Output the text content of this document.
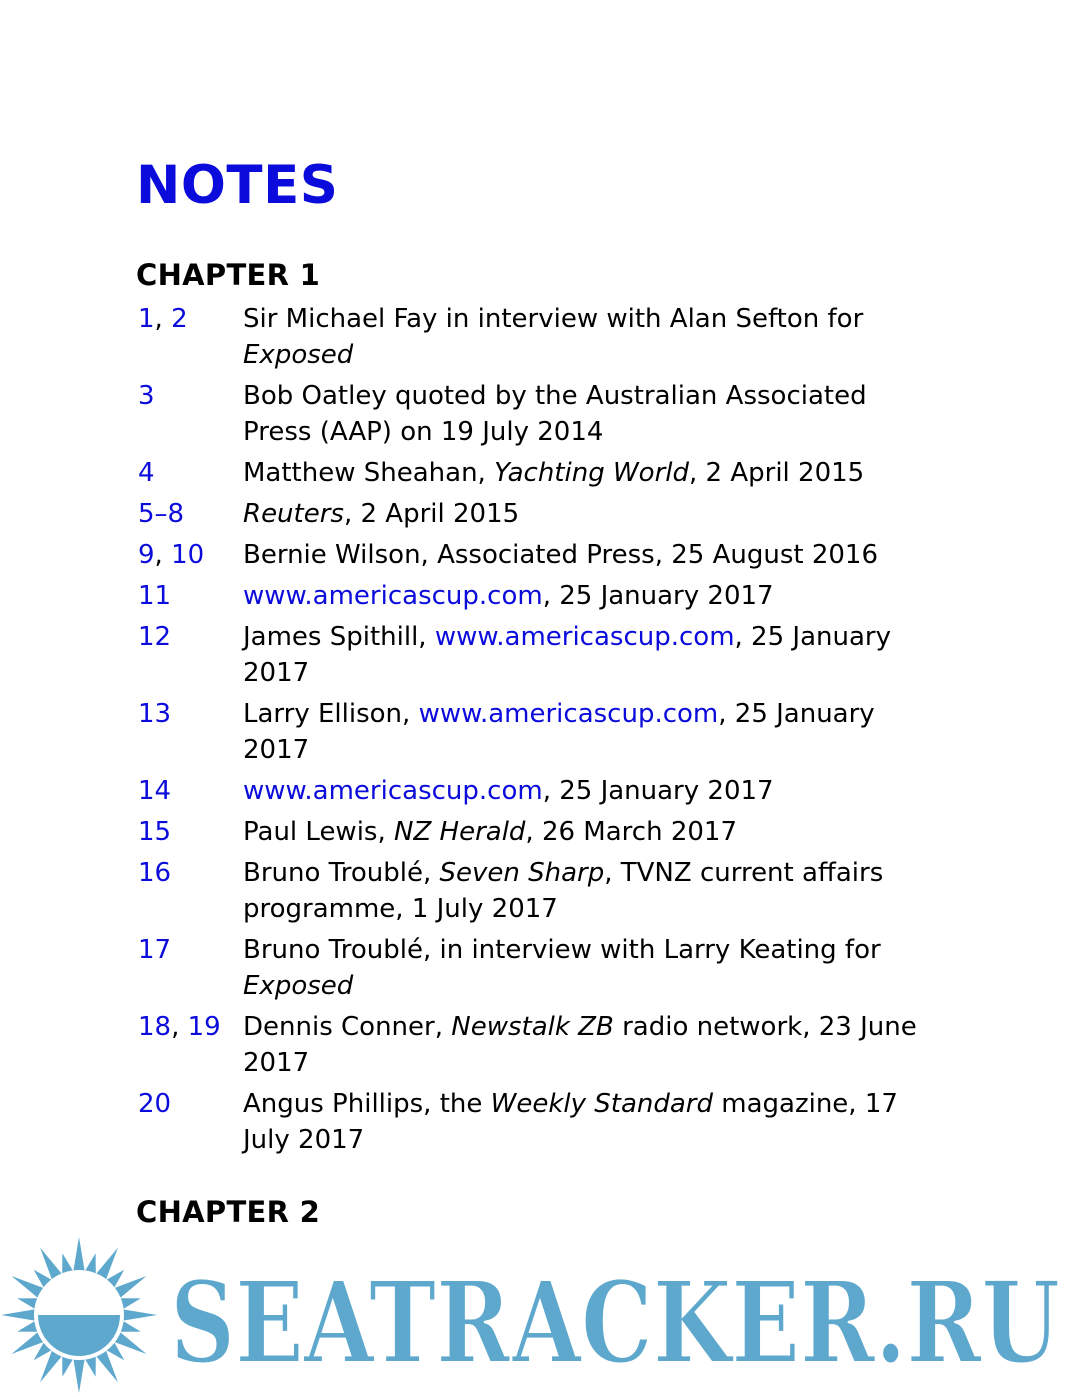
NOTES
CHAPTER 1
1, 2	Sir Michael Fay in interview with Alan Sefton for Exposed
3	Bob Oatley quoted by the Australian Associated Press (AAP) on 19 July 2014
4	Matthew Sheahan, Yachting World, 2 April 2015
5–8	Reuters, 2 April 2015
9, 10	Bernie Wilson, Associated Press, 25 August 2016
11	www.americascup.com, 25 January 2017
12	James Spithill, www.americascup.com, 25 January 2017
13	Larry Ellison, www.americascup.com, 25 January 2017
14	www.americascup.com, 25 January 2017
15	Paul Lewis, NZ Herald, 26 March 2017
16	Bruno Troublé, Seven Sharp, TVNZ current affairs programme, 1 July 2017
17	Bruno Troublé, in interview with Larry Keating for Exposed
18, 19 Dennis Conner, Newstalk ZB radio network, 23 June 2017
20	Angus Phillips, the Weekly Standard magazine, 17 July 2017
CHAPTER 2
SEATRACKER.RU
